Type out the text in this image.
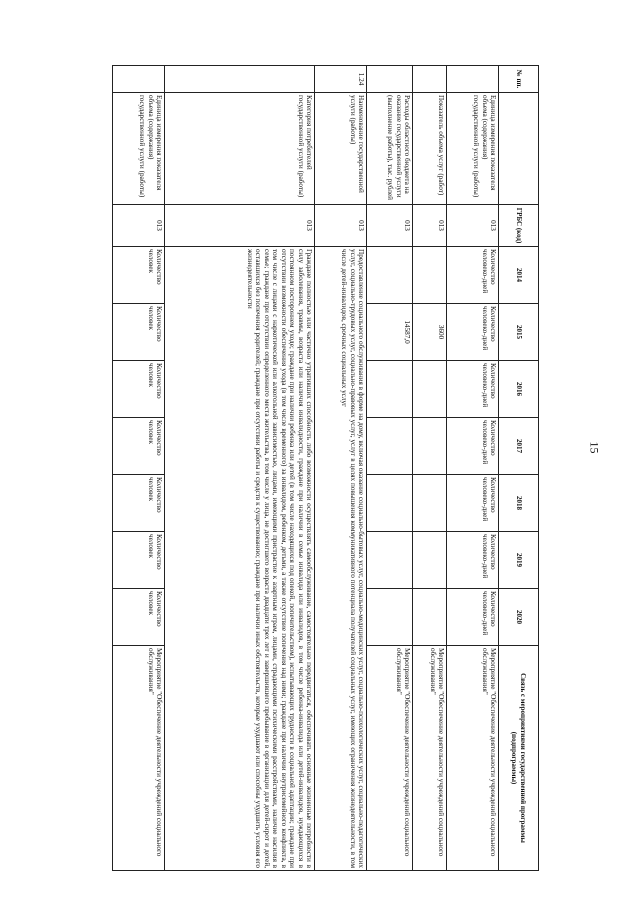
15
№ пп.		ГРБС (код)	2014	2015	2016	2017	2018	2019	2020	Связь с мероприятиями государственной программы (подпрограммы)
	Единица измерения показателя объема (содержания) государственной услуги (работы)	013	Количество человеко-дней	Количество человеко-дней	Количество человеко-дней	Количество человеко-дней	Количество человеко-дней	Количество человеко-дней	Количество человеко-дней	Мероприятие "Обеспечение деятельности учреждений социального обслуживания"
	Показатель объема услуг (работ)	013		3600						Мероприятие "Обеспечение деятельности учреждений социального обслуживания"
	Расходы областного бюджета на оказание государственной услуги (выполнение работы), тыс. рублей	013		14587,0						Мероприятие "Обеспечение деятельности учреждений социального обслуживания"
1.24	Наименование государственной услуги (работы)	013	Предоставление социального обслуживания в форме на дому, включая оказание социально-бытовых услуг, социально-медицинских услуг, социально-психологических услуг, социально-педагогических услуг, социально-трудовых услуг, социально-правовых услуг, услуг в целях повышения коммуникативного потенциала получателей социальных услуг, имеющих ограничения жизнедеятельности, в том числе детей-инвалидов, срочных социальных услуг							
	Категория потребителей государственной услуги (работы)	013	Граждане полностью или частично утративших способность либо возможности осуществлять самообслуживание, самостоятельно передвигаться, обеспечивать основные жизненные потребности в силу заболевания, травмы, возраста или наличия инвалидности, граждане при наличии в семье инвалида или инвалидов, в том числе ребенка-инвалида или детей-инвалидов, нуждающихся в постоянном постороннем уходе; граждане при наличии ребенка или детей (в том числе находящихся под опекой, попечительством), испытывающих трудности в социальной адаптации; граждане при отсутствии возможности обеспечения ухода (в том числе временного) за инвалидом, ребенком, детьми, а также отсутствие попечения над ними; граждане при наличии внутрисемейного конфликта, в том числе с лицами с наркотической или алкогольной зависимостью, лицами, имеющими пристрастие к азартным играм, лицами, страдающими психическими расстройствами, наличие насилия в семье; граждане при отсутствии определенного места жительства, в том числе у лица, не достигшего возраста двадцати трех лет и завершившего пребывание в организации для детей-сирот и детей, оставшихся без попечения родителей; граждане при отсутствии работы и средств к существованию; граждане при наличии иных обстоятельств, которые ухудшают или способны ухудшить условия его жизнедеятельности							
	Единица измерения показателя объема (содержания) государственной услуги (работы)	013	Количество человек	Количество человек	Количество человек	Количество человек	Количество человек	Количество человек	Количество человек	Мероприятие "Обеспечение деятельности учреждений социального обслуживания"
